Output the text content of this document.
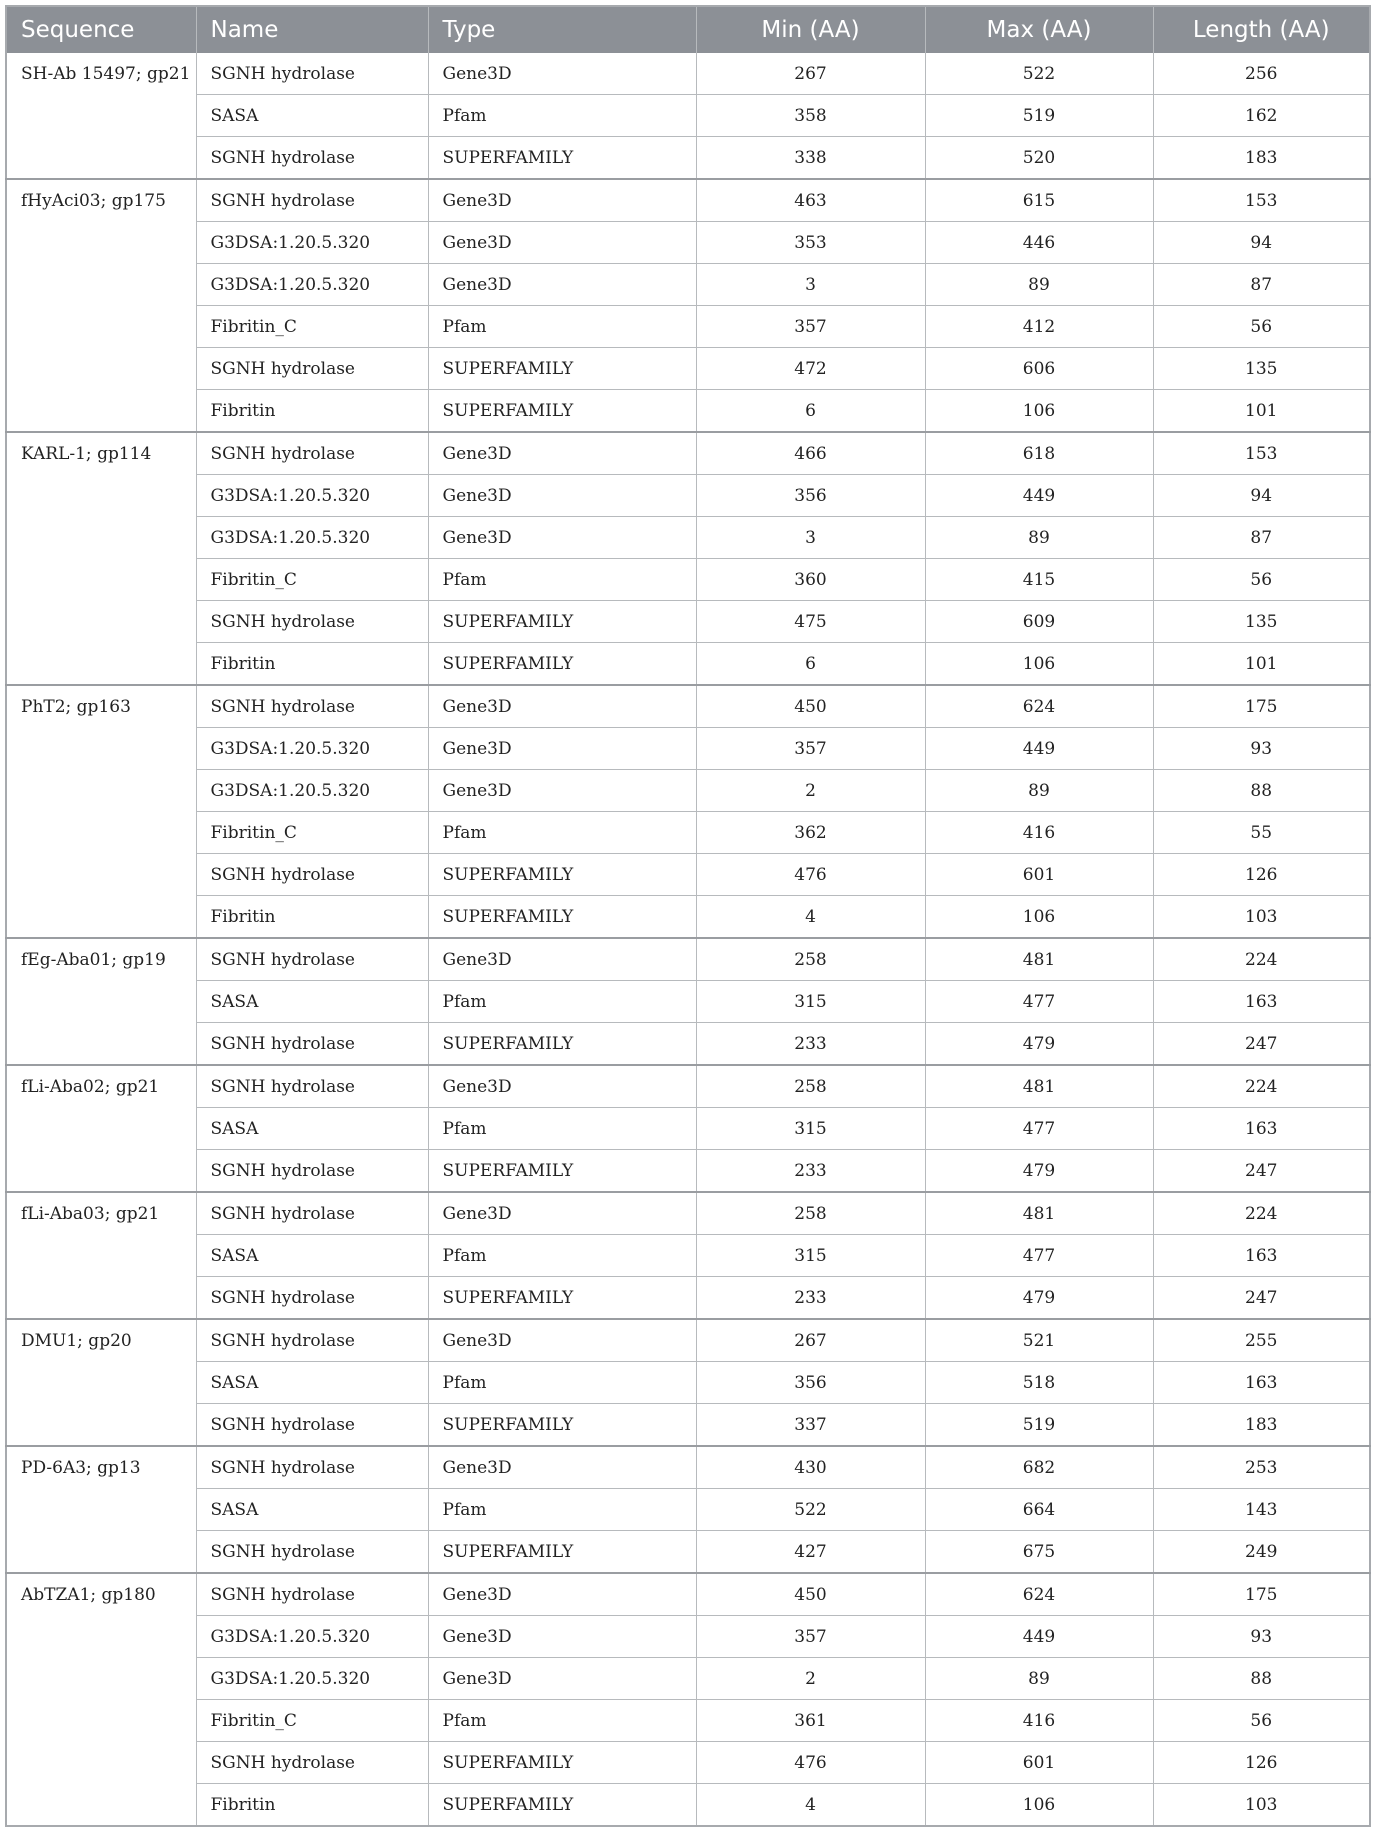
Sequence	Name	Type	Min (AA)	Max (AA)	Length (AA)
SH-Ab 15497; gp21	SGNH hydrolase	Gene3D	267	522	256
	SASA	Pfam	358	519	162
	SGNH hydrolase	SUPERFAMILY	338	520	183
fHyAci03; gp175	SGNH hydrolase	Gene3D	463	615	153
	G3DSA:1.20.5.320	Gene3D	353	446	94
	G3DSA:1.20.5.320	Gene3D	3	89	87
	Fibritin_C	Pfam	357	412	56
	SGNH hydrolase	SUPERFAMILY	472	606	135
	Fibritin	SUPERFAMILY	6	106	101
KARL-1; gp114	SGNH hydrolase	Gene3D	466	618	153
	G3DSA:1.20.5.320	Gene3D	356	449	94
	G3DSA:1.20.5.320	Gene3D	3	89	87
	Fibritin_C	Pfam	360	415	56
	SGNH hydrolase	SUPERFAMILY	475	609	135
	Fibritin	SUPERFAMILY	6	106	101
PhT2; gp163	SGNH hydrolase	Gene3D	450	624	175
	G3DSA:1.20.5.320	Gene3D	357	449	93
	G3DSA:1.20.5.320	Gene3D	2	89	88
	Fibritin_C	Pfam	362	416	55
	SGNH hydrolase	SUPERFAMILY	476	601	126
	Fibritin	SUPERFAMILY	4	106	103
fEg-Aba01; gp19	SGNH hydrolase	Gene3D	258	481	224
	SASA	Pfam	315	477	163
	SGNH hydrolase	SUPERFAMILY	233	479	247
fLi-Aba02; gp21	SGNH hydrolase	Gene3D	258	481	224
	SASA	Pfam	315	477	163
	SGNH hydrolase	SUPERFAMILY	233	479	247
fLi-Aba03; gp21	SGNH hydrolase	Gene3D	258	481	224
	SASA	Pfam	315	477	163
	SGNH hydrolase	SUPERFAMILY	233	479	247
DMU1; gp20	SGNH hydrolase	Gene3D	267	521	255
	SASA	Pfam	356	518	163
	SGNH hydrolase	SUPERFAMILY	337	519	183
PD-6A3; gp13	SGNH hydrolase	Gene3D	430	682	253
	SASA	Pfam	522	664	143
	SGNH hydrolase	SUPERFAMILY	427	675	249
AbTZA1; gp180	SGNH hydrolase	Gene3D	450	624	175
	G3DSA:1.20.5.320	Gene3D	357	449	93
	G3DSA:1.20.5.320	Gene3D	2	89	88
	Fibritin_C	Pfam	361	416	56
	SGNH hydrolase	SUPERFAMILY	476	601	126
	Fibritin	SUPERFAMILY	4	106	103
